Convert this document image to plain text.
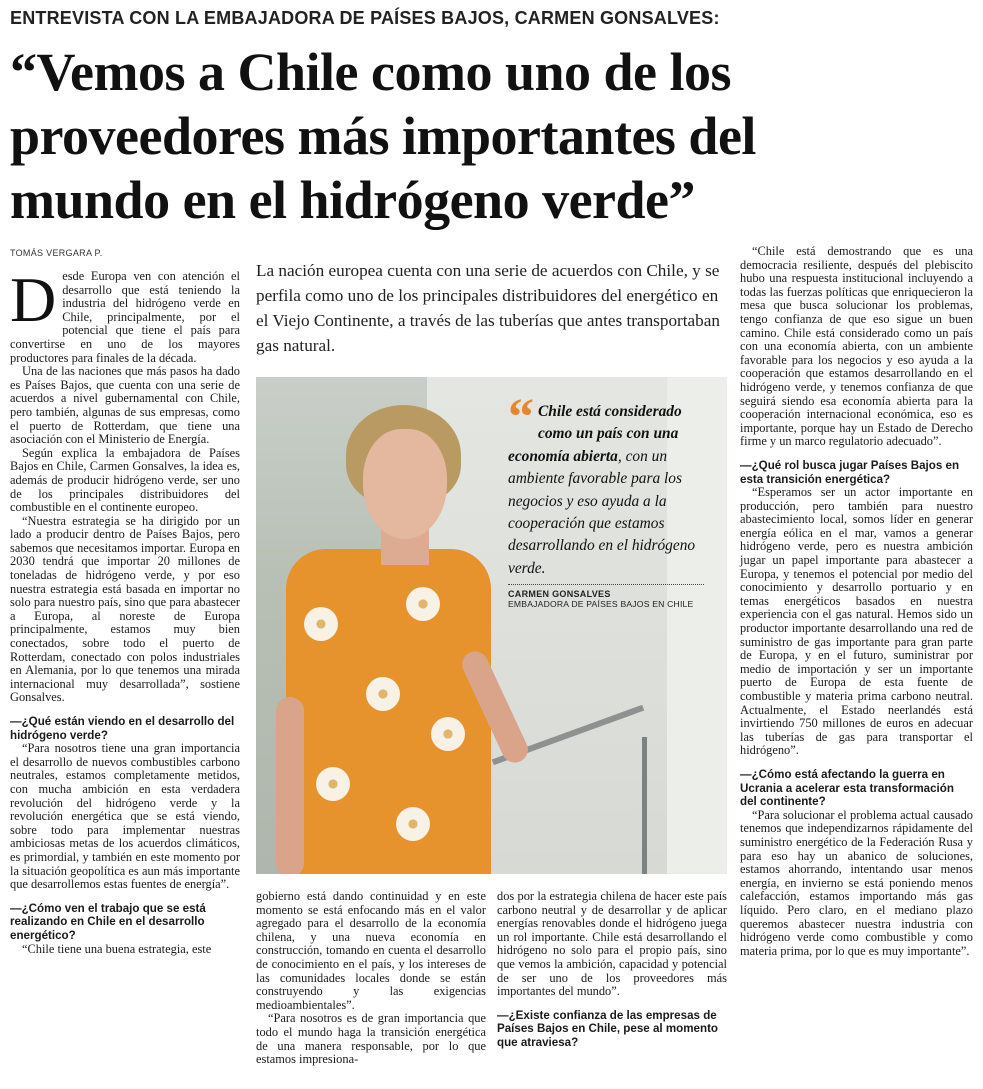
ENTREVISTA CON LA EMBAJADORA DE PAÍSES BAJOS, CARMEN GONSALVES:
“Vemos a Chile como uno de los
proveedores más importantes del
mundo en el hidrógeno verde”
TOMÁS VERGARA P.
D esde Europa ven con atención el desarrollo que está teniendo la industria del hidrógeno verde en Chile, principalmente, por el potencial que tiene el país para convertirse en uno de los mayores productores para finales de la década.

Una de las naciones que más pasos ha dado es Países Bajos, que cuenta con una serie de acuerdos a nivel gubernamental con Chile, pero también, algunas de sus empresas, como el puerto de Rotterdam, que tiene una asociación con el Ministerio de Energía.

Según explica la embajadora de Países Bajos en Chile, Carmen Gonsalves, la idea es, además de producir hidrógeno verde, ser uno de los principales distribuidores del combustible en el continente europeo.

“Nuestra estrategia se ha dirigido por un lado a producir dentro de Países Bajos, pero sabemos que necesitamos importar. Europa en 2030 tendrá que importar 20 millones de toneladas de hidrógeno verde, y por eso nuestra estrategia está basada en importar no solo para nuestro país, sino que para abastecer a Europa, al noreste de Europa principalmente, estamos muy bien conectados, sobre todo el puerto de Rotterdam, conectado con polos industriales en Alemania, por lo que tenemos una mirada internacional muy desarrollada”, sostiene Gonsalves.

—¿Qué están viendo en el desarrollo del hidrógeno verde?

“Para nosotros tiene una gran importancia el desarrollo de nuevos combustibles carbono neutrales, estamos completamente metidos, con mucha ambición en esta verdadera revolución del hidrógeno verde y la revolución energética que se está viendo, sobre todo para implementar nuestras ambiciosas metas de los acuerdos climáticos, es primordial, y también en este momento por la situación geopolítica es aun más importante que desarrollemos estas fuentes de energía”.

—¿Cómo ven el trabajo que se está realizando en Chile en el desarrollo energético?

“Chile tiene una buena estrategia, este

La nación europea cuenta con una serie de acuerdos con Chile, y se perfila como uno de los principales distribuidores del energético en el Viejo Continente, a través de las tuberías que antes transportaban gas natural.
“ Chile está considerado como un país con una economía abierta, con un ambiente favorable para los negocios y eso ayuda a la cooperación que estamos desarrollando en el hidrógeno verde.
CARMEN GONSALVES
EMBAJADORA DE PAÍSES BAJOS EN CHILE

gobierno está dando continuidad y en este momento se está enfocando más en el valor agregado para el desarrollo de la economía chilena, y una nueva economía en construcción, tomando en cuenta el desarrollo de conocimiento en el país, y los intereses de las comunidades locales donde se están construyendo y las exigencias medioambientales”.

“Para nosotros es de gran importancia que todo el mundo haga la transición energética de una manera responsable, por lo que estamos impresiona-

dos por la estrategia chilena de hacer este país carbono neutral y de desarrollar y de aplicar energías renovables donde el hidrógeno juega un rol importante. Chile está desarrollando el hidrógeno no solo para el propio país, sino que vemos la ambición, capacidad y potencial de ser uno de los proveedores más importantes del mundo”.

—¿Existe confianza de las empresas de Países Bajos en Chile, pese al momento que atraviesa?

“Chile está demostrando que es una democracia resiliente, después del plebiscito hubo una respuesta institucional incluyendo a todas las fuerzas políticas que enriquecieron la mesa que busca solucionar los problemas, tengo confianza de que eso sigue un buen camino. Chile está considerado como un país con una economía abierta, con un ambiente favorable para los negocios y eso ayuda a la cooperación que estamos desarrollando en el hidrógeno verde, y tenemos confianza de que seguirá siendo esa economía abierta para la cooperación internacional económica, eso es importante, porque hay un Estado de Derecho firme y un marco regulatorio adecuado”.

—¿Qué rol busca jugar Países Bajos en esta transición energética?

“Esperamos ser un actor importante en producción, pero también para nuestro abastecimiento local, somos líder en generar energía eólica en el mar, vamos a generar hidrógeno verde, pero es nuestra ambición jugar un papel importante para abastecer a Europa, y tenemos el potencial por medio del conocimiento y desarrollo portuario y en temas energéticos basados en nuestra experiencia con el gas natural. Hemos sido un productor importante desarrollando una red de suministro de gas importante para gran parte de Europa, y en el futuro, suministrar por medio de importación y ser un importante puerto de Europa de esta fuente de combustible y materia prima carbono neutral. Actualmente, el Estado neerlandés está invirtiendo 750 millones de euros en adecuar las tuberías de gas para transportar el hidrógeno”.

—¿Cómo está afectando la guerra en Ucrania a acelerar esta transformación del continente?

“Para solucionar el problema actual causado tenemos que independizarnos rápidamente del suministro energético de la Federación Rusa y para eso hay un abanico de soluciones, estamos ahorrando, intentando usar menos energía, en invierno se está poniendo menos calefacción, estamos importando más gas líquido. Pero claro, en el mediano plazo queremos abastecer nuestra industria con hidrógeno verde como combustible y como materia prima, por lo que es muy importante”.
